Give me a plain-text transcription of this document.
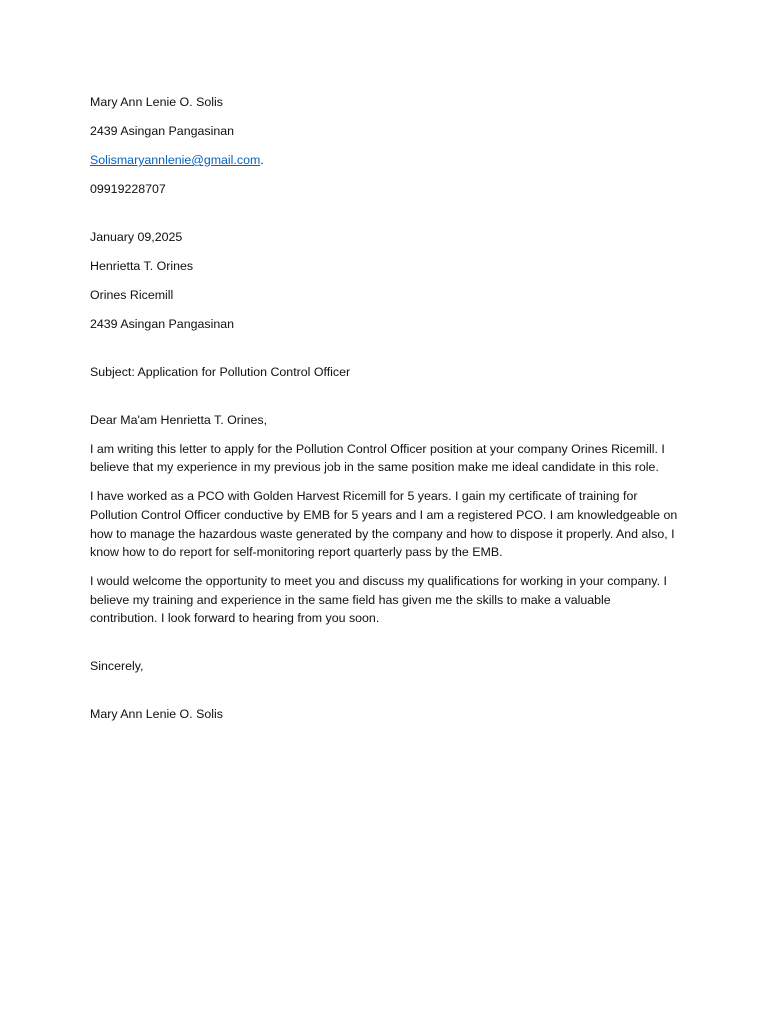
Mary Ann Lenie O. Solis
2439 Asingan Pangasinan
Solismaryannlenie@gmail.com.
09919228707
January 09,2025
Henrietta T. Orines
Orines Ricemill
2439 Asingan Pangasinan
Subject: Application for Pollution Control Officer
Dear Ma'am Henrietta T. Orines,

I am writing this letter to apply for the Pollution Control Officer position at your company Orines Ricemill. I believe that my experience in my previous job in the same position make me ideal candidate in this role.

I have worked as a PCO with Golden Harvest Ricemill for 5 years. I gain my certificate of training for Pollution Control Officer conductive by EMB for 5 years and I am a registered PCO. I am knowledgeable on how to manage the hazardous waste generated by the company and how to dispose it properly. And also, I know how to do report for self-monitoring report quarterly pass by the EMB.

I would welcome the opportunity to meet you and discuss my qualifications for working in your company. I believe my training and experience in the same field has given me the skills to make a valuable contribution. I look forward to hearing from you soon.

Sincerely,
Mary Ann Lenie O. Solis
